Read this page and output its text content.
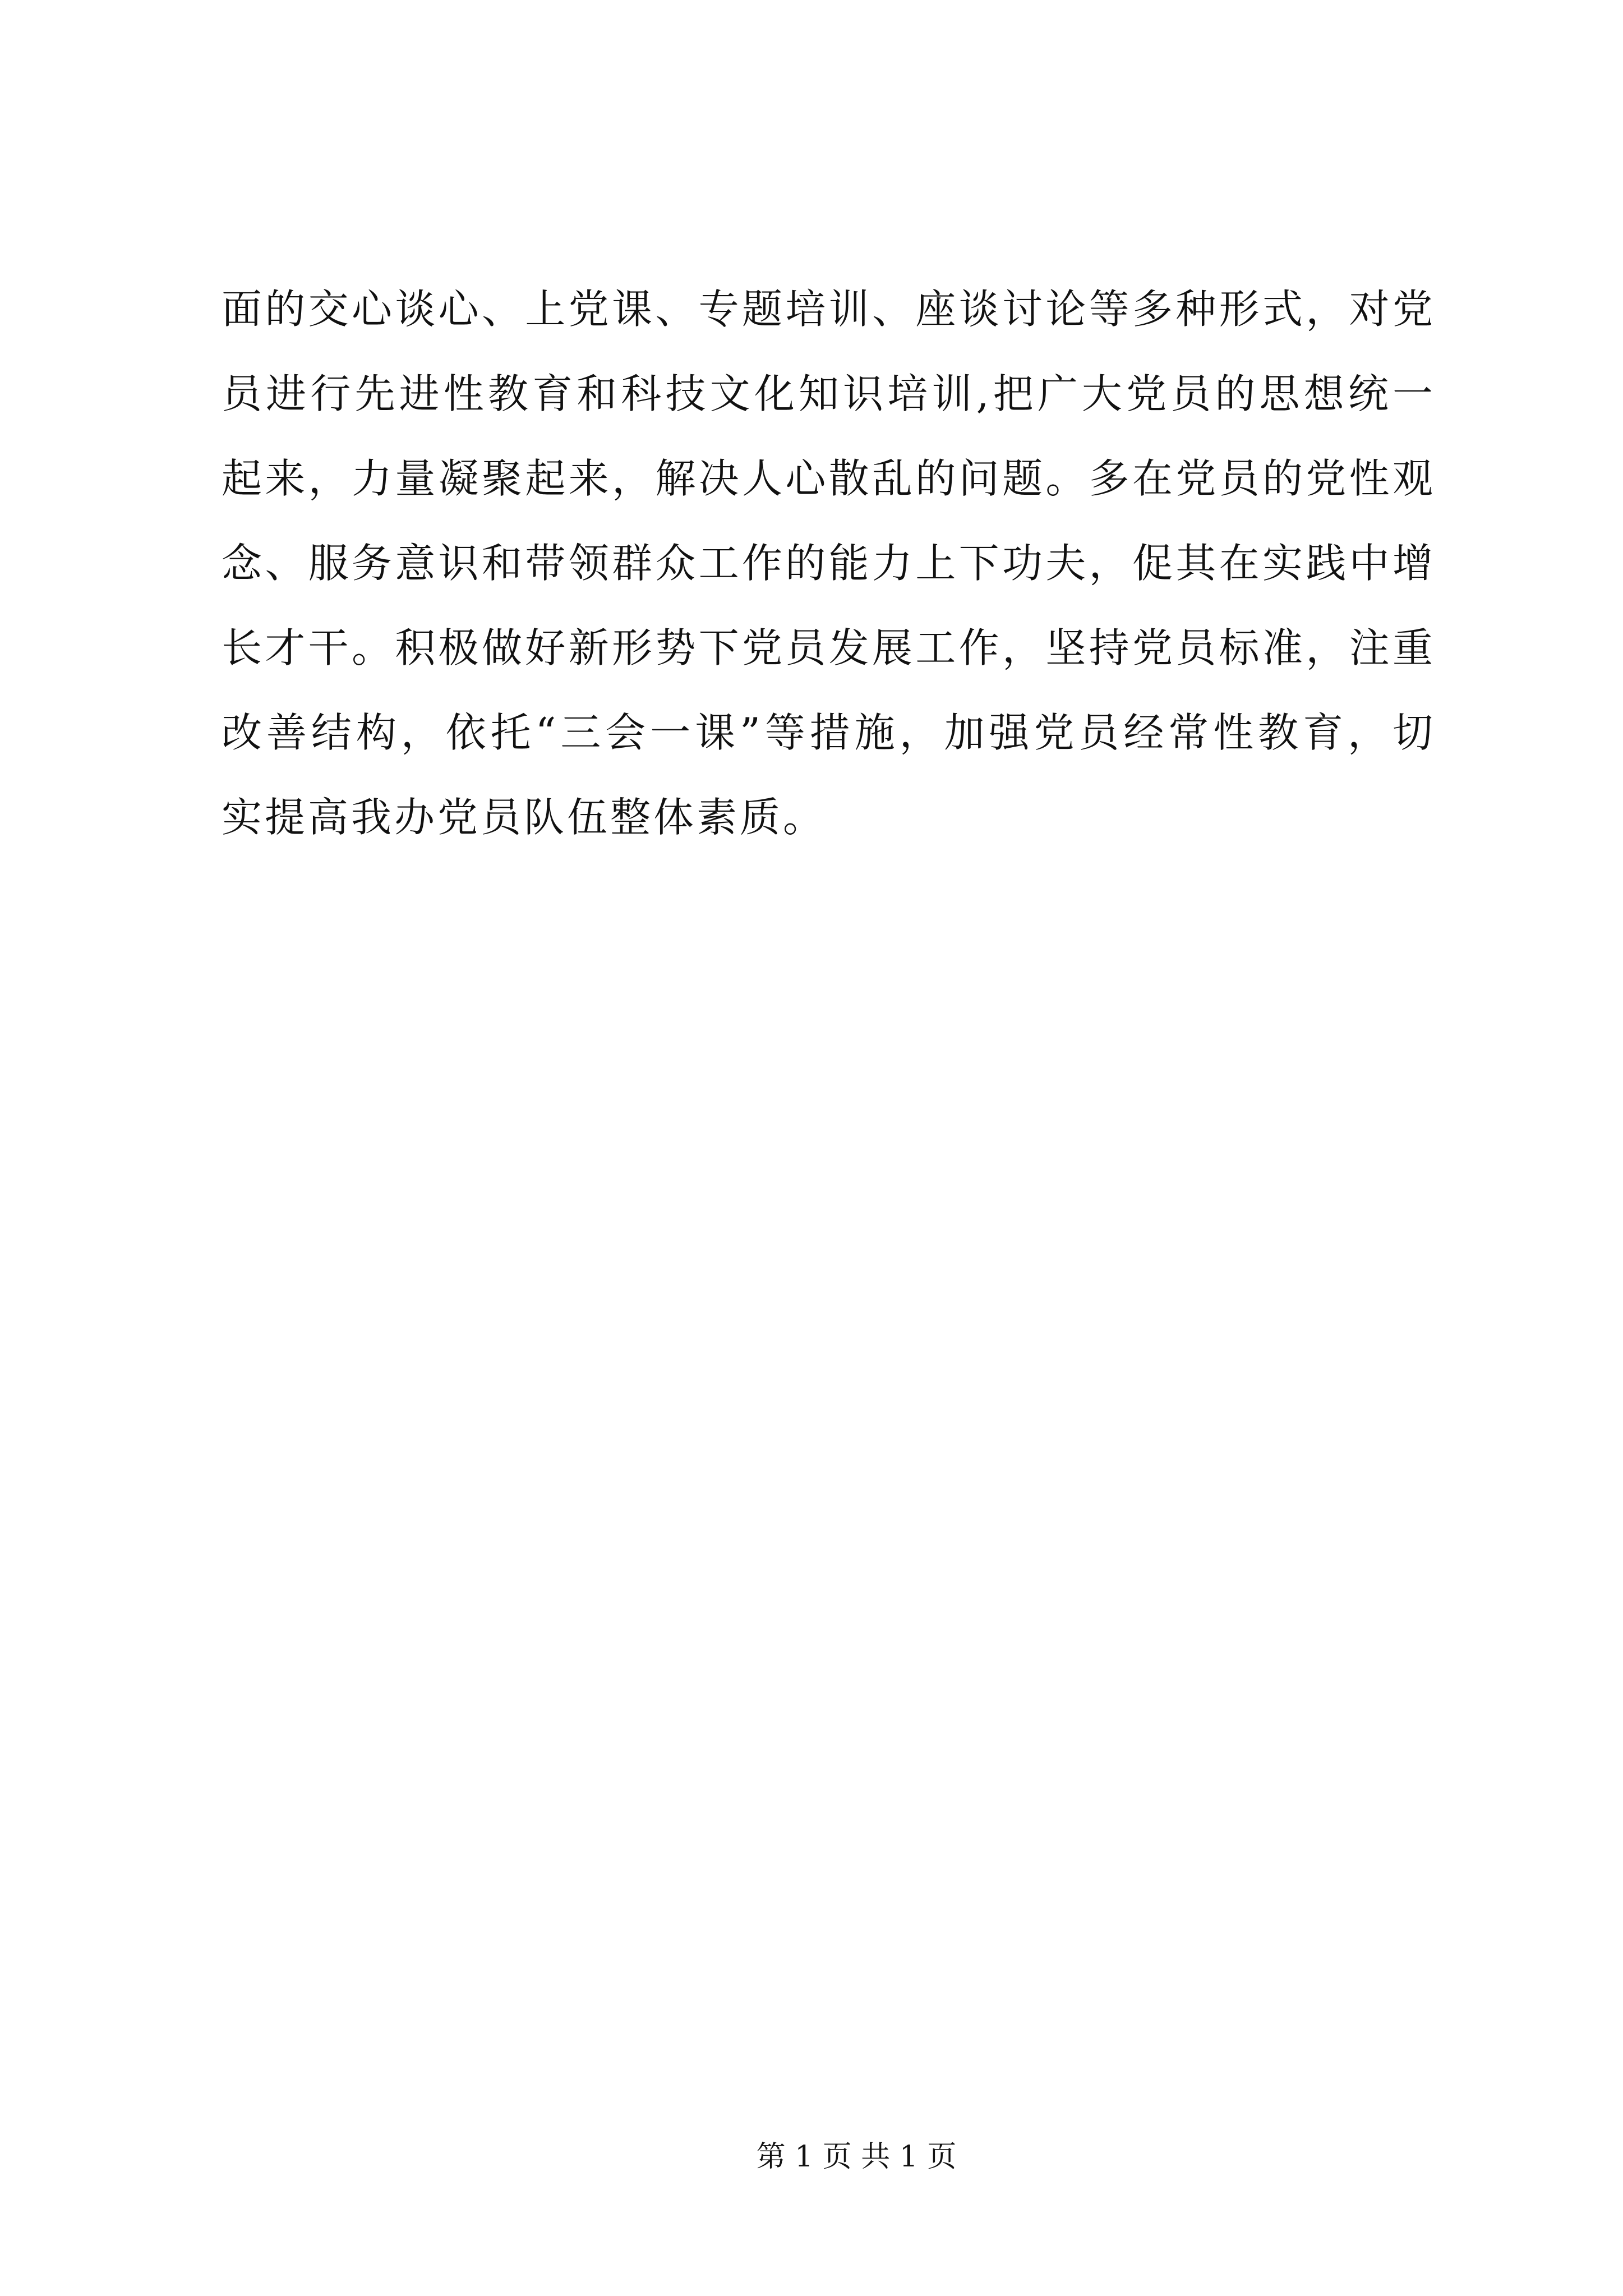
面的交心谈心、上党课、专题培训、座谈讨论等多种形式，对党
员进行先进性教育和科技文化知识培训,把广大党员的思想统一
起来，力量凝聚起来，解决人心散乱的问题。多在党员的党性观
念、服务意识和带领群众工作的能力上下功夫，促其在实践中增
长才干。积极做好新形势下党员发展工作，坚持党员标准，注重
改善结构，依托“三会一课”等措施，加强党员经常性教育，切
实提高我办党员队伍整体素质。
第 1 页 共 1 页
